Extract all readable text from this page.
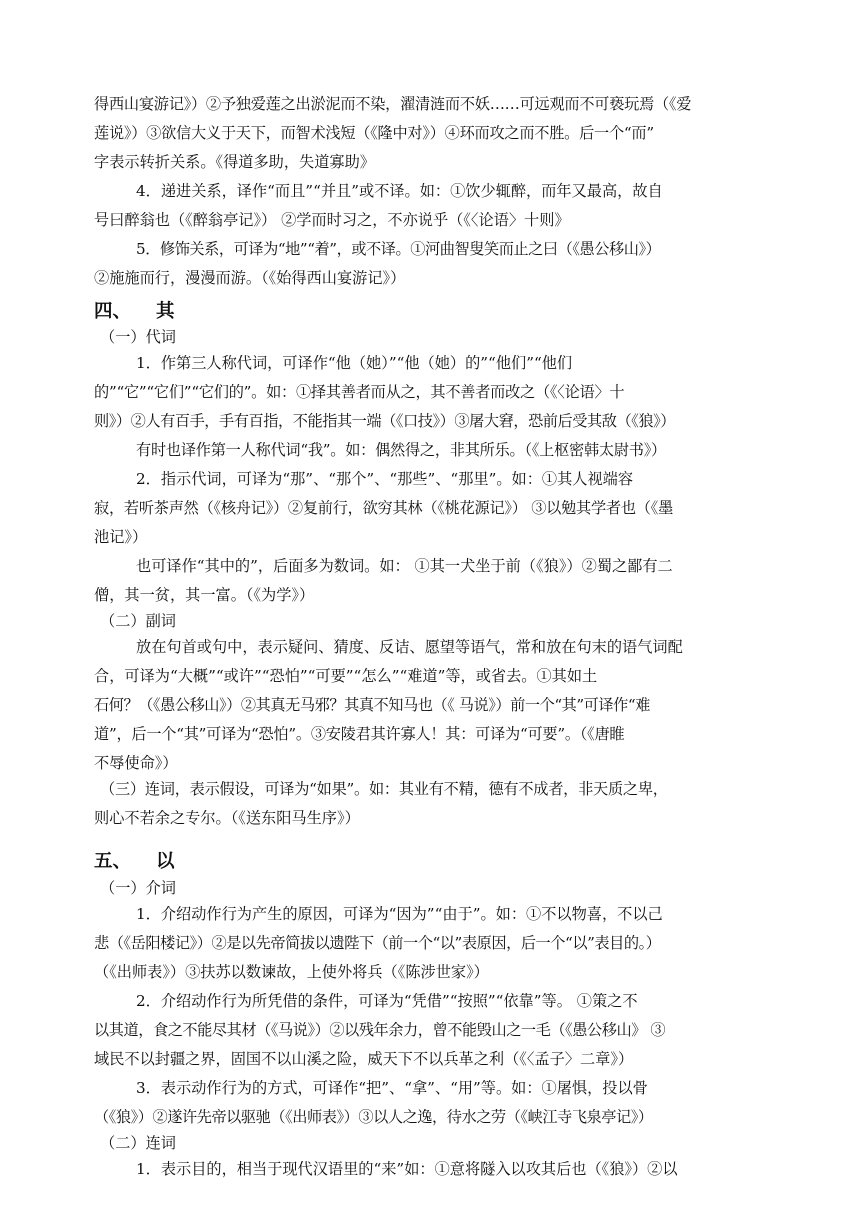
得西山宴游记》）②予独爱莲之出淤泥而不染，濯清涟而不妖……可远观而不可亵玩焉（《爱
莲说》）③欲信大义于天下，而智术浅短（《隆中对》）④环而攻之而不胜。后一个“而”
字表示转折关系。《得道多助，失道寡助》
4．递进关系，译作“而且”“并且”或不译。如：①饮少辄醉，而年又最高，故自
号曰醉翁也（《醉翁亭记》） ②学而时习之，不亦说乎（《〈论语〉十则》
5．修饰关系，可译为“地”“着”，或不译。①河曲智叟笑而止之曰（《愚公移山》）
②施施而行，漫漫而游。（《始得西山宴游记》）
四、 其
（一）代词
1．作第三人称代词，可译作“他（她）”“他（她）的”“他们”“他们
的”“它”“它们”“它们的”。如：①择其善者而从之，其不善者而改之（《〈论语〉十
则》）②人有百手，手有百指，不能指其一端（《口技》）③屠大窘，恐前后受其敌（《狼》）
有时也译作第一人称代词“我”。如：偶然得之，非其所乐。（《上枢密韩太尉书》）
2．指示代词，可译为“那”、“那个”、“那些”、“那里”。如：①其人视端容
寂，若听茶声然（《核舟记》）②复前行，欲穷其林（《桃花源记》） ③以勉其学者也（《墨
池记》）
也可译作“其中的”，后面多为数词。如： ①其一犬坐于前（《狼》）②蜀之鄙有二
僧，其一贫，其一富。（《为学》）
（二）副词
放在句首或句中，表示疑问、猜度、反诘、愿望等语气，常和放在句末的语气词配
合，可译为“大概”“或许”“恐怕”“可要”“怎么”“难道”等，或省去。①其如土
石何？（《愚公移山》）②其真无马邪？其真不知马也（《 马说》）前一个“其”可译作“难
道”，后一个“其”可译为“恐怕”。③安陵君其许寡人！其：可译为“可要”。（《唐睢
不辱使命》）
（三）连词，表示假设，可译为“如果”。如：其业有不精，德有不成者，非天质之卑，
则心不若余之专尔。（《送东阳马生序》）
五、 以
（一）介词
1．介绍动作行为产生的原因，可译为“因为”“由于”。如：①不以物喜，不以己
悲（《岳阳楼记》）②是以先帝简拔以遗陛下（前一个“以”表原因，后一个“以”表目的。）
（《出师表》）③扶苏以数谏故，上使外将兵（《陈涉世家》）
2．介绍动作行为所凭借的条件，可译为“凭借”“按照”“依靠”等。 ①策之不
以其道，食之不能尽其材（《马说》）②以残年余力，曾不能毁山之一毛（《愚公移山》 ③
域民不以封疆之界，固国不以山溪之险，威天下不以兵革之利（《〈孟子〉二章》）
3．表示动作行为的方式，可译作“把”、“拿”、“用”等。如：①屠惧，投以骨
（《狼》）②遂许先帝以驱驰（《出师表》）③以人之逸，待水之劳（《峡江寺飞泉亭记》）
（二）连词
1．表示目的，相当于现代汉语里的“来”如：①意将隧入以攻其后也（《狼》）②以
